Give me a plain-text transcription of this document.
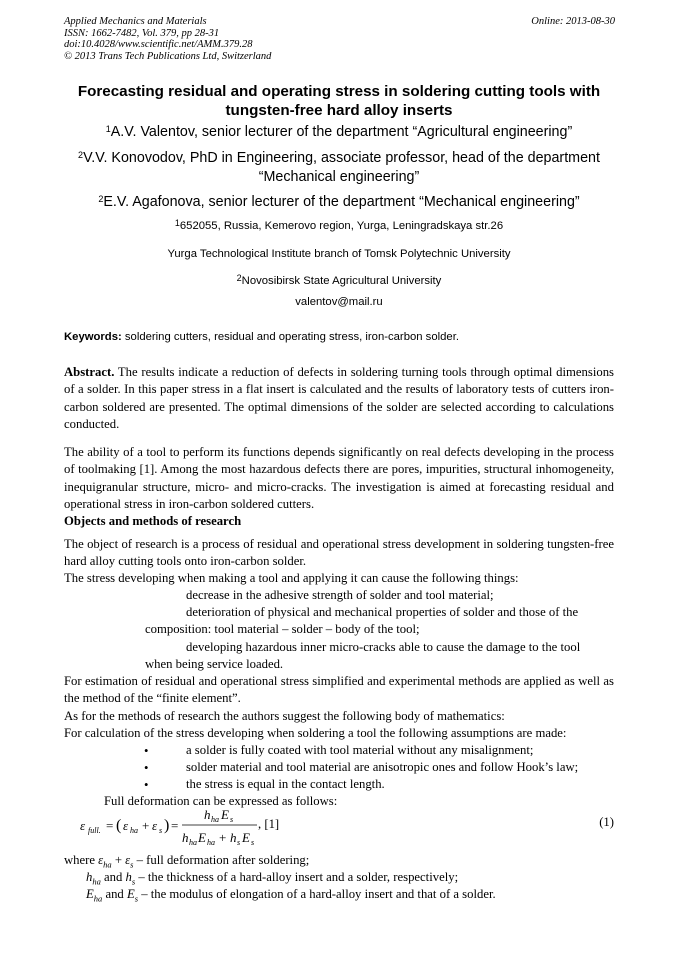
Applied Mechanics and Materials
ISSN: 1662-7482, Vol. 379, pp 28-31
doi:10.4028/www.scientific.net/AMM.379.28
© 2013 Trans Tech Publications Ltd, Switzerland
Online: 2013-08-30
Forecasting residual and operating stress in soldering cutting tools with tungsten-free hard alloy inserts
$^1$A.V. Valentov, senior lecturer of the department “Agricultural engineering”
$^2$V.V. Konovodov, PhD in Engineering, associate professor, head of the department “Mechanical engineering”
$^2$E.V. Agafonova, senior lecturer of the department “Mechanical engineering”
$^1$652055, Russia, Kemerovo region, Yurga, Leningradskaya str.26
Yurga Technological Institute branch of Tomsk Polytechnic University
$^2$Novosibirsk State Agricultural University
valentov@mail.ru
Keywords: soldering cutters, residual and operating stress, iron-carbon solder.
Abstract. The results indicate a reduction of defects in soldering turning tools through optimal dimensions of a solder. In this paper stress in a flat insert is calculated and the results of laboratory tests of cutters iron-carbon soldered are presented. The optimal dimensions of the solder are selected according to calculations conducted.
The ability of a tool to perform its functions depends significantly on real defects developing in the process of toolmaking [1]. Among the most hazardous defects there are pores, impurities, structural inhomogeneity, inequigranular structure, micro- and micro-cracks. The investigation is aimed at forecasting residual and operational stress in iron-carbon soldered cutters.
Objects and methods of research
The object of research is a process of residual and operational stress development in soldering tungsten-free hard alloy cutting tools onto iron-carbon solder.
The stress developing when making a tool and applying it can cause the following things:
decrease in the adhesive strength of solder and tool material;
deterioration of physical and mechanical properties of solder and those of the
composition: tool material – solder – body of the tool;
developing hazardous inner micro-cracks able to cause the damage to the tool
when being service loaded.
For estimation of residual and operational stress simplified and experimental methods are applied as well as the method of the “finite element”.
As for the methods of research the authors suggest the following body of mathematics:
For calculation of the stress developing when soldering a tool the following assumptions are made:
•	a solder is fully coated with tool material without any misalignment;
•	solder material and tool material are anisotropic ones and follow Hook’s law;
•	the stress is equal in the contact length.
Full deformation can be expressed as follows:
ε full. = ( ε ha + ε s ) =
h ha E s
h ha E ha + h s E s
, [1]	(1)
where $\varepsilon_{ha} + \varepsilon_s$ – full deformation after soldering;
$h_{ha}$ and $h_s$ – the thickness of a hard-alloy insert and a solder, respectively;
$E_{ha}$ and $E_s$ – the modulus of elongation of a hard-alloy insert and that of a solder.
